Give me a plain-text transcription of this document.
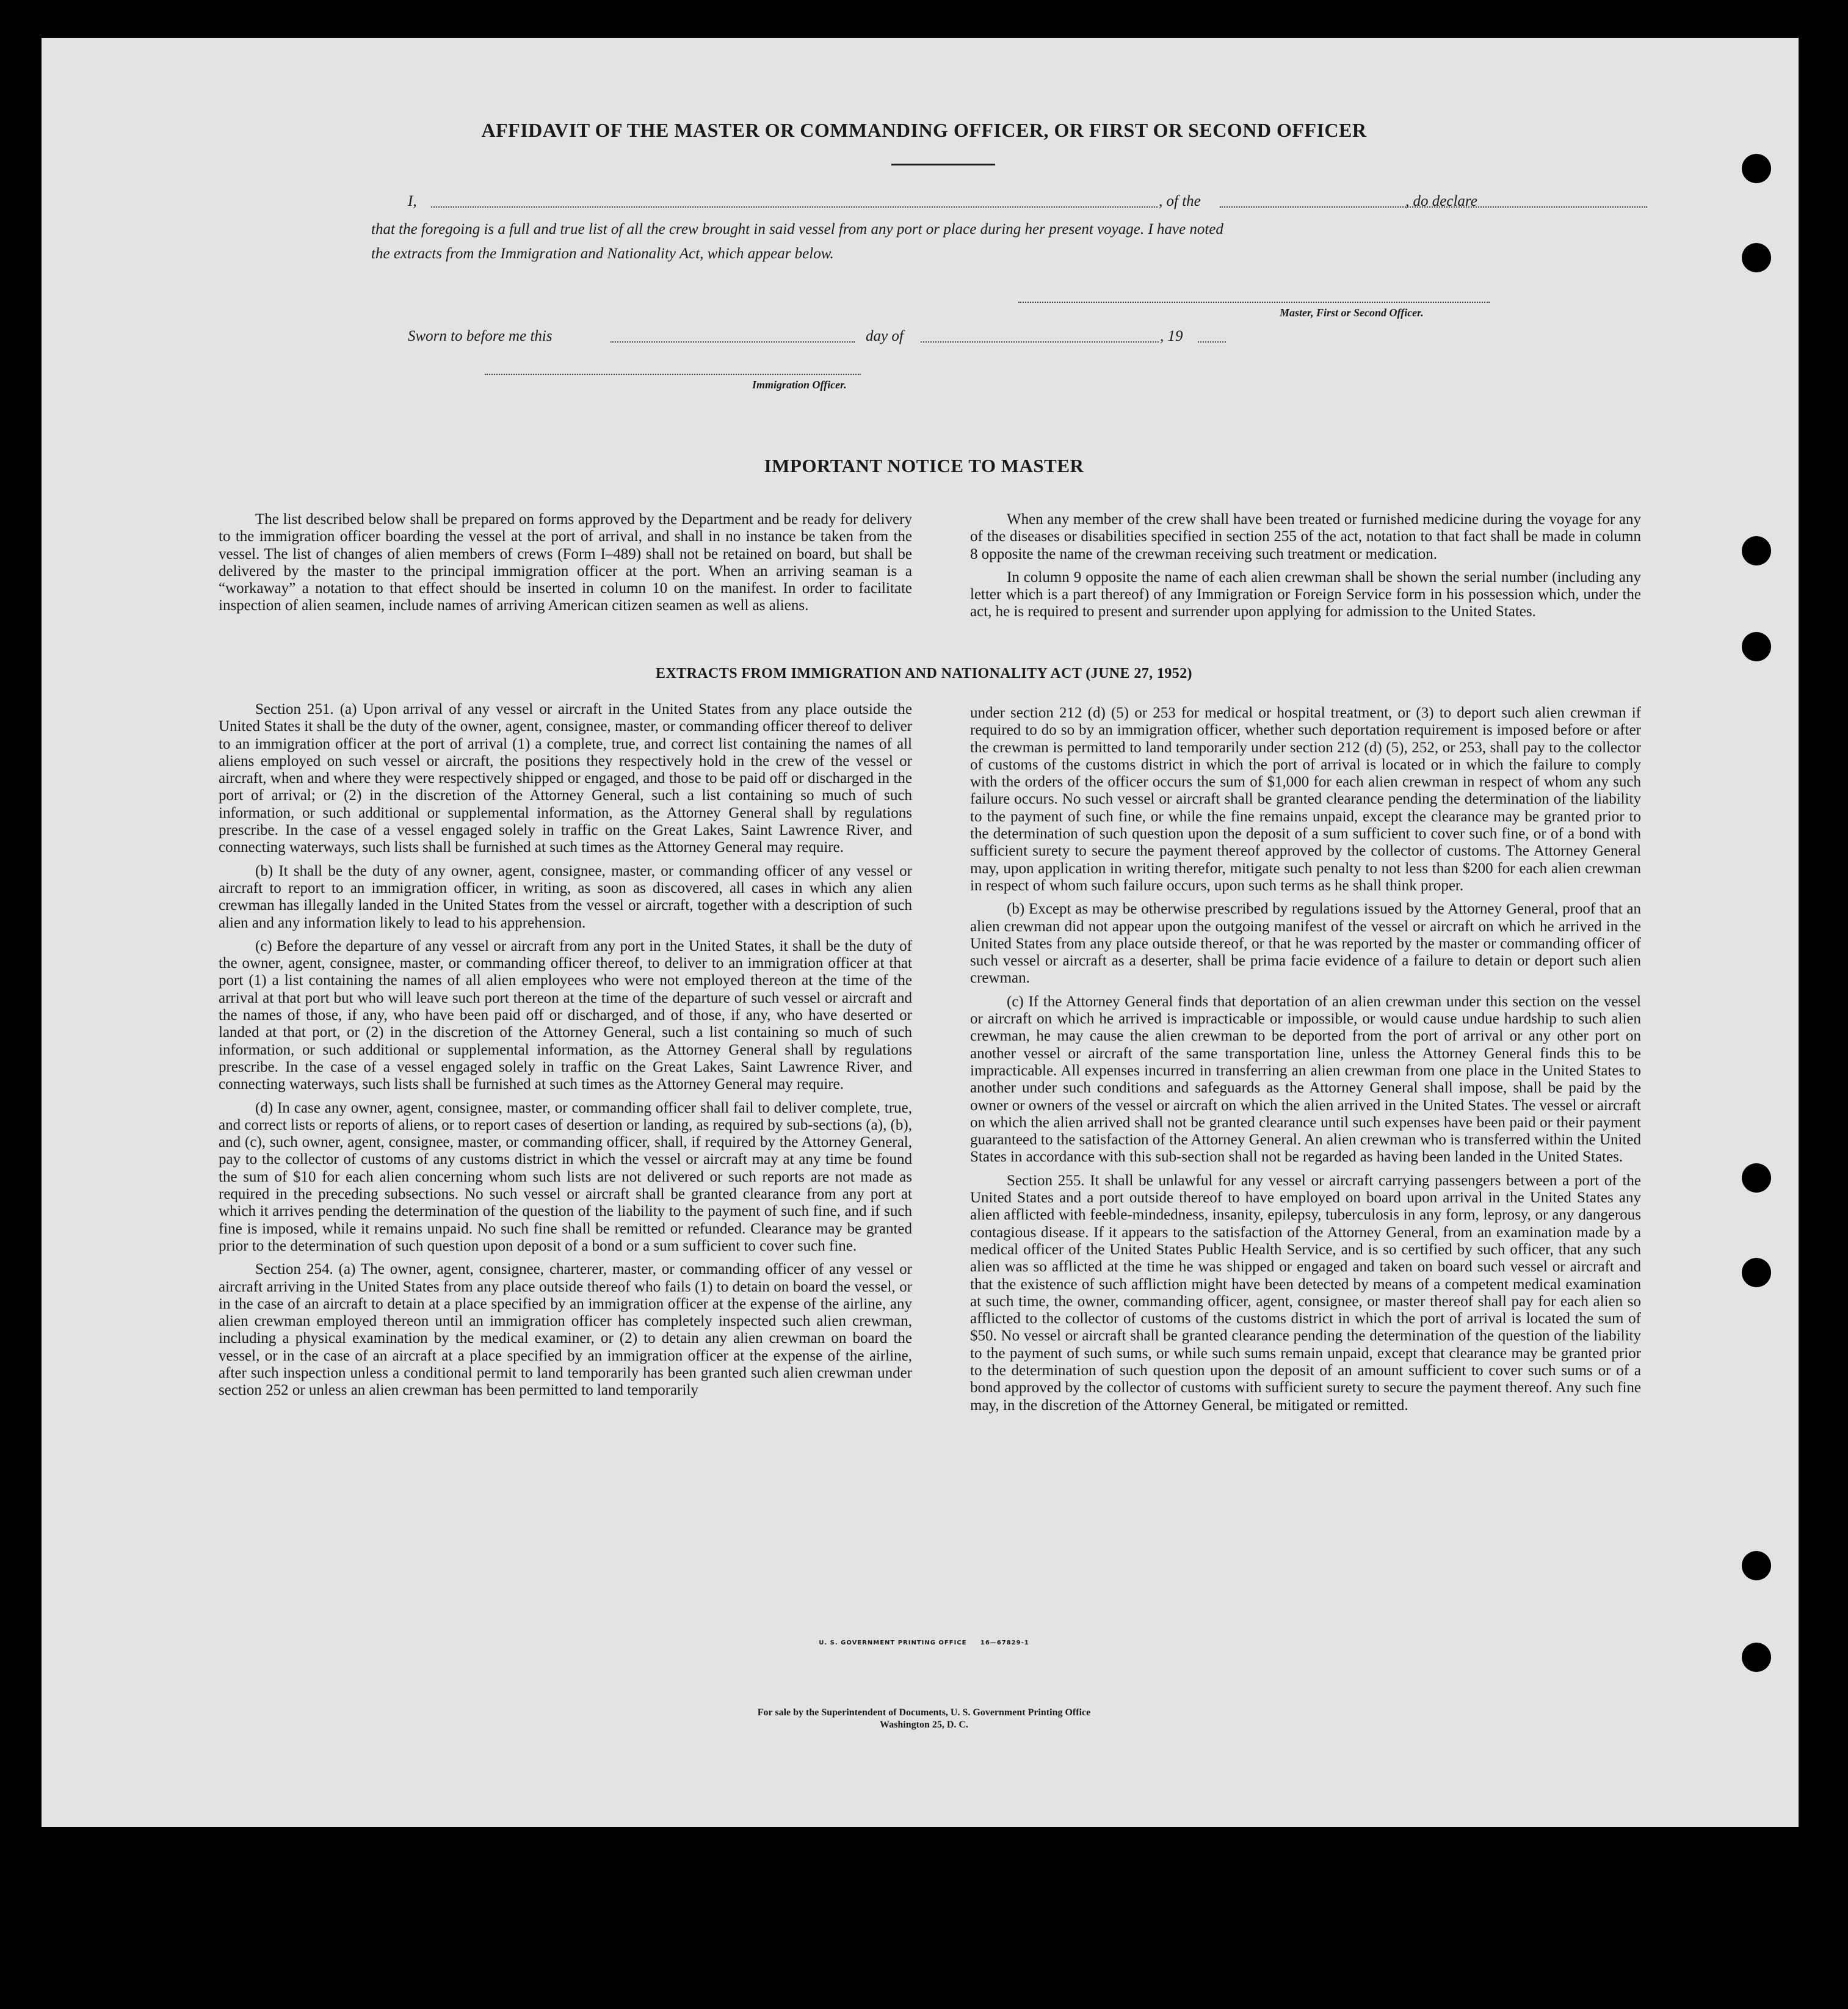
AFFIDAVIT OF THE MASTER OR COMMANDING OFFICER, OR FIRST OR SECOND OFFICER
I,	, of the	, do declare
that the foregoing is a full and true list of all the crew brought in said vessel from any port or place during her present voyage. I have noted
the extracts from the Immigration and Nationality Act, which appear below.
Master, First or Second Officer.
Sworn to before me this	day of	, 19
Immigration Officer.
IMPORTANT NOTICE TO MASTER

The list described below shall be prepared on forms approved by the Department and be ready for delivery to the immigration officer boarding the vessel at the port of arrival, and shall in no instance be taken from the vessel. The list of changes of alien members of crews (Form I–489) shall not be retained on board, but shall be delivered by the master to the principal immigration officer at the port. When an arriving seaman is a “workaway” a notation to that effect should be inserted in column 10 on the manifest. In order to facilitate inspection of alien seamen, include names of arriving American citizen seamen as well as aliens.

When any member of the crew shall have been treated or furnished medicine during the voyage for any of the diseases or disabilities specified in section 255 of the act, notation to that fact shall be made in column 8 opposite the name of the crewman receiving such treatment or medication.

In column 9 opposite the name of each alien crewman shall be shown the serial number (including any letter which is a part thereof) of any Immigration or Foreign Service form in his possession which, under the act, he is required to present and surrender upon applying for admission to the United States.

EXTRACTS FROM IMMIGRATION AND NATIONALITY ACT (JUNE 27, 1952)

Section 251. (a) Upon arrival of any vessel or aircraft in the United States from any place outside the United States it shall be the duty of the owner, agent, consignee, master, or commanding officer thereof to deliver to an immigration officer at the port of arrival (1) a complete, true, and correct list containing the names of all aliens employed on such vessel or aircraft, the positions they respectively hold in the crew of the vessel or aircraft, when and where they were respectively shipped or engaged, and those to be paid off or discharged in the port of arrival; or (2) in the discretion of the Attorney General, such a list containing so much of such information, or such additional or supplemental information, as the Attorney General shall by regulations prescribe. In the case of a vessel engaged solely in traffic on the Great Lakes, Saint Lawrence River, and connecting waterways, such lists shall be furnished at such times as the Attorney General may require.

(b) It shall be the duty of any owner, agent, consignee, master, or commanding officer of any vessel or aircraft to report to an immigration officer, in writing, as soon as discovered, all cases in which any alien crewman has illegally landed in the United States from the vessel or aircraft, together with a description of such alien and any information likely to lead to his apprehension.

(c) Before the departure of any vessel or aircraft from any port in the United States, it shall be the duty of the owner, agent, consignee, master, or commanding officer thereof, to deliver to an immigration officer at that port (1) a list containing the names of all alien employees who were not employed thereon at the time of the arrival at that port but who will leave such port thereon at the time of the departure of such vessel or aircraft and the names of those, if any, who have been paid off or discharged, and of those, if any, who have deserted or landed at that port, or (2) in the discretion of the Attorney General, such a list containing so much of such information, or such additional or supplemental information, as the Attorney General shall by regulations prescribe. In the case of a vessel engaged solely in traffic on the Great Lakes, Saint Lawrence River, and connecting waterways, such lists shall be furnished at such times as the Attorney General may require.

(d) In case any owner, agent, consignee, master, or commanding officer shall fail to deliver complete, true, and correct lists or reports of aliens, or to report cases of desertion or landing, as required by sub-sections (a), (b), and (c), such owner, agent, consignee, master, or commanding officer, shall, if required by the Attorney General, pay to the collector of customs of any customs district in which the vessel or aircraft may at any time be found the sum of $10 for each alien concerning whom such lists are not delivered or such reports are not made as required in the preceding subsections. No such vessel or aircraft shall be granted clearance from any port at which it arrives pending the determination of the question of the liability to the payment of such fine, and if such fine is imposed, while it remains unpaid. No such fine shall be remitted or refunded. Clearance may be granted prior to the determination of such question upon deposit of a bond or a sum sufficient to cover such fine.

Section 254. (a) The owner, agent, consignee, charterer, master, or commanding officer of any vessel or aircraft arriving in the United States from any place outside thereof who fails (1) to detain on board the vessel, or in the case of an aircraft to detain at a place specified by an immigration officer at the expense of the airline, any alien crewman employed thereon until an immigration officer has completely inspected such alien crewman, including a physical examination by the medical examiner, or (2) to detain any alien crewman on board the vessel, or in the case of an aircraft at a place specified by an immigration officer at the expense of the airline, after such inspection unless a conditional permit to land temporarily has been granted such alien crewman under section 252 or unless an alien crewman has been permitted to land temporarily

under section 212 (d) (5) or 253 for medical or hospital treatment, or (3) to deport such alien crewman if required to do so by an immigration officer, whether such deportation requirement is imposed before or after the crewman is permitted to land temporarily under section 212 (d) (5), 252, or 253, shall pay to the collector of customs of the customs district in which the port of arrival is located or in which the failure to comply with the orders of the officer occurs the sum of $1,000 for each alien crewman in respect of whom any such failure occurs. No such vessel or aircraft shall be granted clearance pending the determination of the liability to the payment of such fine, or while the fine remains unpaid, except the clearance may be granted prior to the determination of such question upon the deposit of a sum sufficient to cover such fine, or of a bond with sufficient surety to secure the payment thereof approved by the collector of customs. The Attorney General may, upon application in writing therefor, mitigate such penalty to not less than $200 for each alien crewman in respect of whom such failure occurs, upon such terms as he shall think proper.

(b) Except as may be otherwise prescribed by regulations issued by the Attorney General, proof that an alien crewman did not appear upon the outgoing manifest of the vessel or aircraft on which he arrived in the United States from any place outside thereof, or that he was reported by the master or commanding officer of such vessel or aircraft as a deserter, shall be prima facie evidence of a failure to detain or deport such alien crewman.

(c) If the Attorney General finds that deportation of an alien crewman under this section on the vessel or aircraft on which he arrived is impracticable or impossible, or would cause undue hardship to such alien crewman, he may cause the alien crewman to be deported from the port of arrival or any other port on another vessel or aircraft of the same transportation line, unless the Attorney General finds this to be impracticable. All expenses incurred in transferring an alien crewman from one place in the United States to another under such conditions and safeguards as the Attorney General shall impose, shall be paid by the owner or owners of the vessel or aircraft on which the alien arrived in the United States. The vessel or aircraft on which the alien arrived shall not be granted clearance until such expenses have been paid or their payment guaranteed to the satisfaction of the Attorney General. An alien crewman who is transferred within the United States in accordance with this sub-section shall not be regarded as having been landed in the United States.

Section 255. It shall be unlawful for any vessel or aircraft carrying passengers between a port of the United States and a port outside thereof to have employed on board upon arrival in the United States any alien afflicted with feeble-mindedness, insanity, epilepsy, tuberculosis in any form, leprosy, or any dangerous contagious disease. If it appears to the satisfaction of the Attorney General, from an examination made by a medical officer of the United States Public Health Service, and is so certified by such officer, that any such alien was so afflicted at the time he was shipped or engaged and taken on board such vessel or aircraft and that the existence of such affliction might have been detected by means of a competent medical examination at such time, the owner, commanding officer, agent, consignee, or master thereof shall pay for each alien so afflicted to the collector of customs of the customs district in which the port of arrival is located the sum of $50. No vessel or aircraft shall be granted clearance pending the determination of the question of the liability to the payment of such sums, or while such sums remain unpaid, except that clearance may be granted prior to the determination of such question upon the deposit of an amount sufficient to cover such sums or of a bond approved by the collector of customs with sufficient surety to secure the payment thereof. Any such fine may, in the discretion of the Attorney General, be mitigated or remitted.

U. S. GOVERNMENT PRINTING OFFICE     16—67829-1
For sale by the Superintendent of Documents, U. S. Government Printing Office
Washington 25, D. C.
